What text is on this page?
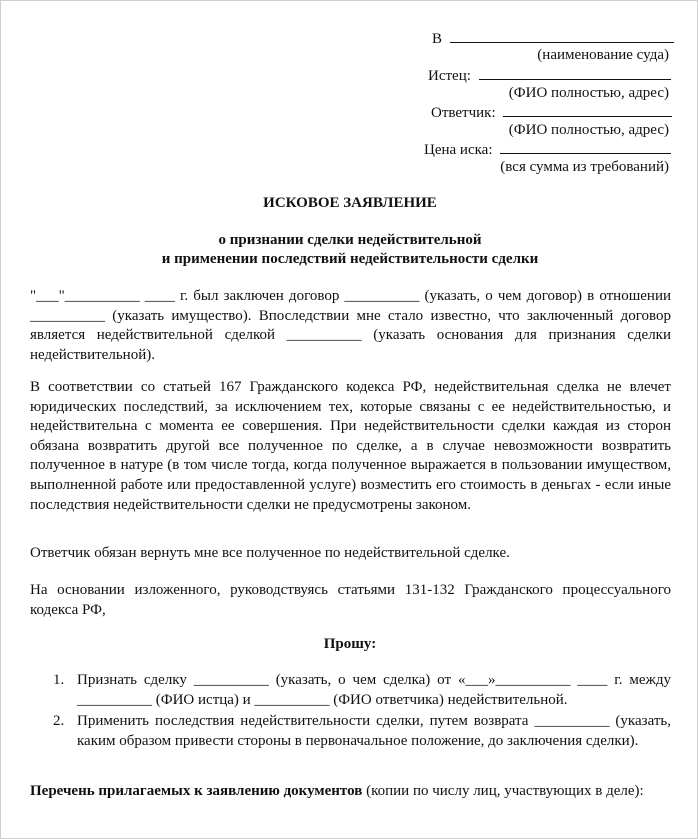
В
(наименование суда)
Истец:
(ФИО полностью, адрес)
Ответчик:
(ФИО полностью, адрес)
Цена иска:
(вся сумма из требований)
ИСКОВОЕ ЗАЯВЛЕНИЕ
о признании сделки недействительной
и применении последствий недействительности сделки
"___"__________ ____ г. был заключен договор __________ (указать, о чем договор) в отношении __________ (указать имущество). Впоследствии мне стало известно, что заключенный договор является недействительной сделкой __________ (указать основания для признания сделки недействительной).
В соответствии со статьей 167 Гражданского кодекса РФ, недействительная сделка не влечет юридических последствий, за исключением тех, которые связаны с ее недействительностью, и недействительна с момента ее совершения. При недействительности сделки каждая из сторон обязана возвратить другой все полученное по сделке, а в случае невозможности возвратить полученное в натуре (в том числе тогда, когда полученное выражается в пользовании имуществом, выполненной работе или предоставленной услуге) возместить его стоимость в деньгах - если иные последствия недействительности сделки не предусмотрены законом.
Ответчик обязан вернуть мне все полученное по недействительной сделке.
На основании изложенного, руководствуясь статьями 131-132 Гражданского процессуального кодекса РФ,
Прошу:
1. Признать сделку __________ (указать, о чем сделка) от «___»__________ ____ г. между __________ (ФИО истца) и __________ (ФИО ответчика) недействительной.
2. Применить последствия недействительности сделки, путем возврата __________ (указать, каким образом привести стороны в первоначальное положение, до заключения сделки).
Перечень прилагаемых к заявлению документов (копии по числу лиц, участвующих в деле):
